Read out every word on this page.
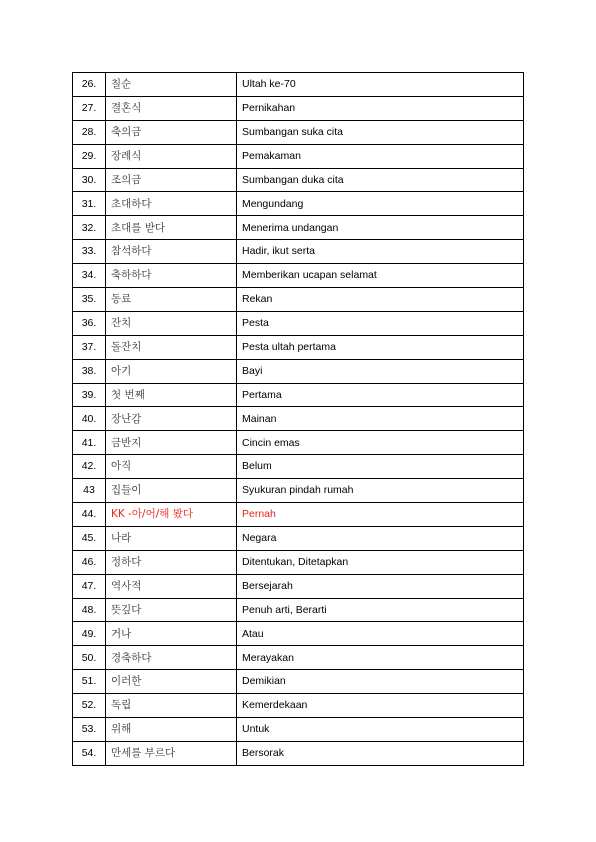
26.	칠순	Ultah ke-70
27.	결혼식	Pernikahan
28.	축의금	Sumbangan suka cita
29.	장례식	Pemakaman
30.	조의금	Sumbangan duka cita
31.	초대하다	Mengundang
32.	초대를 받다	Menerima undangan
33.	참석하다	Hadir, ikut serta
34.	축하하다	Memberikan ucapan selamat
35.	동료	Rekan
36.	잔치	Pesta
37.	돌잔치	Pesta ultah pertama
38.	아기	Bayi
39.	첫 번째	Pertama
40.	장난감	Mainan
41.	금반지	Cincin emas
42.	아직	Belum
43	집들이	Syukuran pindah rumah
44.	KK -아/어/해 봤다	Pernah
45.	나라	Negara
46.	정하다	Ditentukan, Ditetapkan
47.	역사적	Bersejarah
48.	뜻깊다	Penuh arti, Berarti
49.	거나	Atau
50.	경축하다	Merayakan
51.	이러한	Demikian
52.	독립	Kemerdekaan
53.	위해	Untuk
54.	만세를 부르다	Bersorak
